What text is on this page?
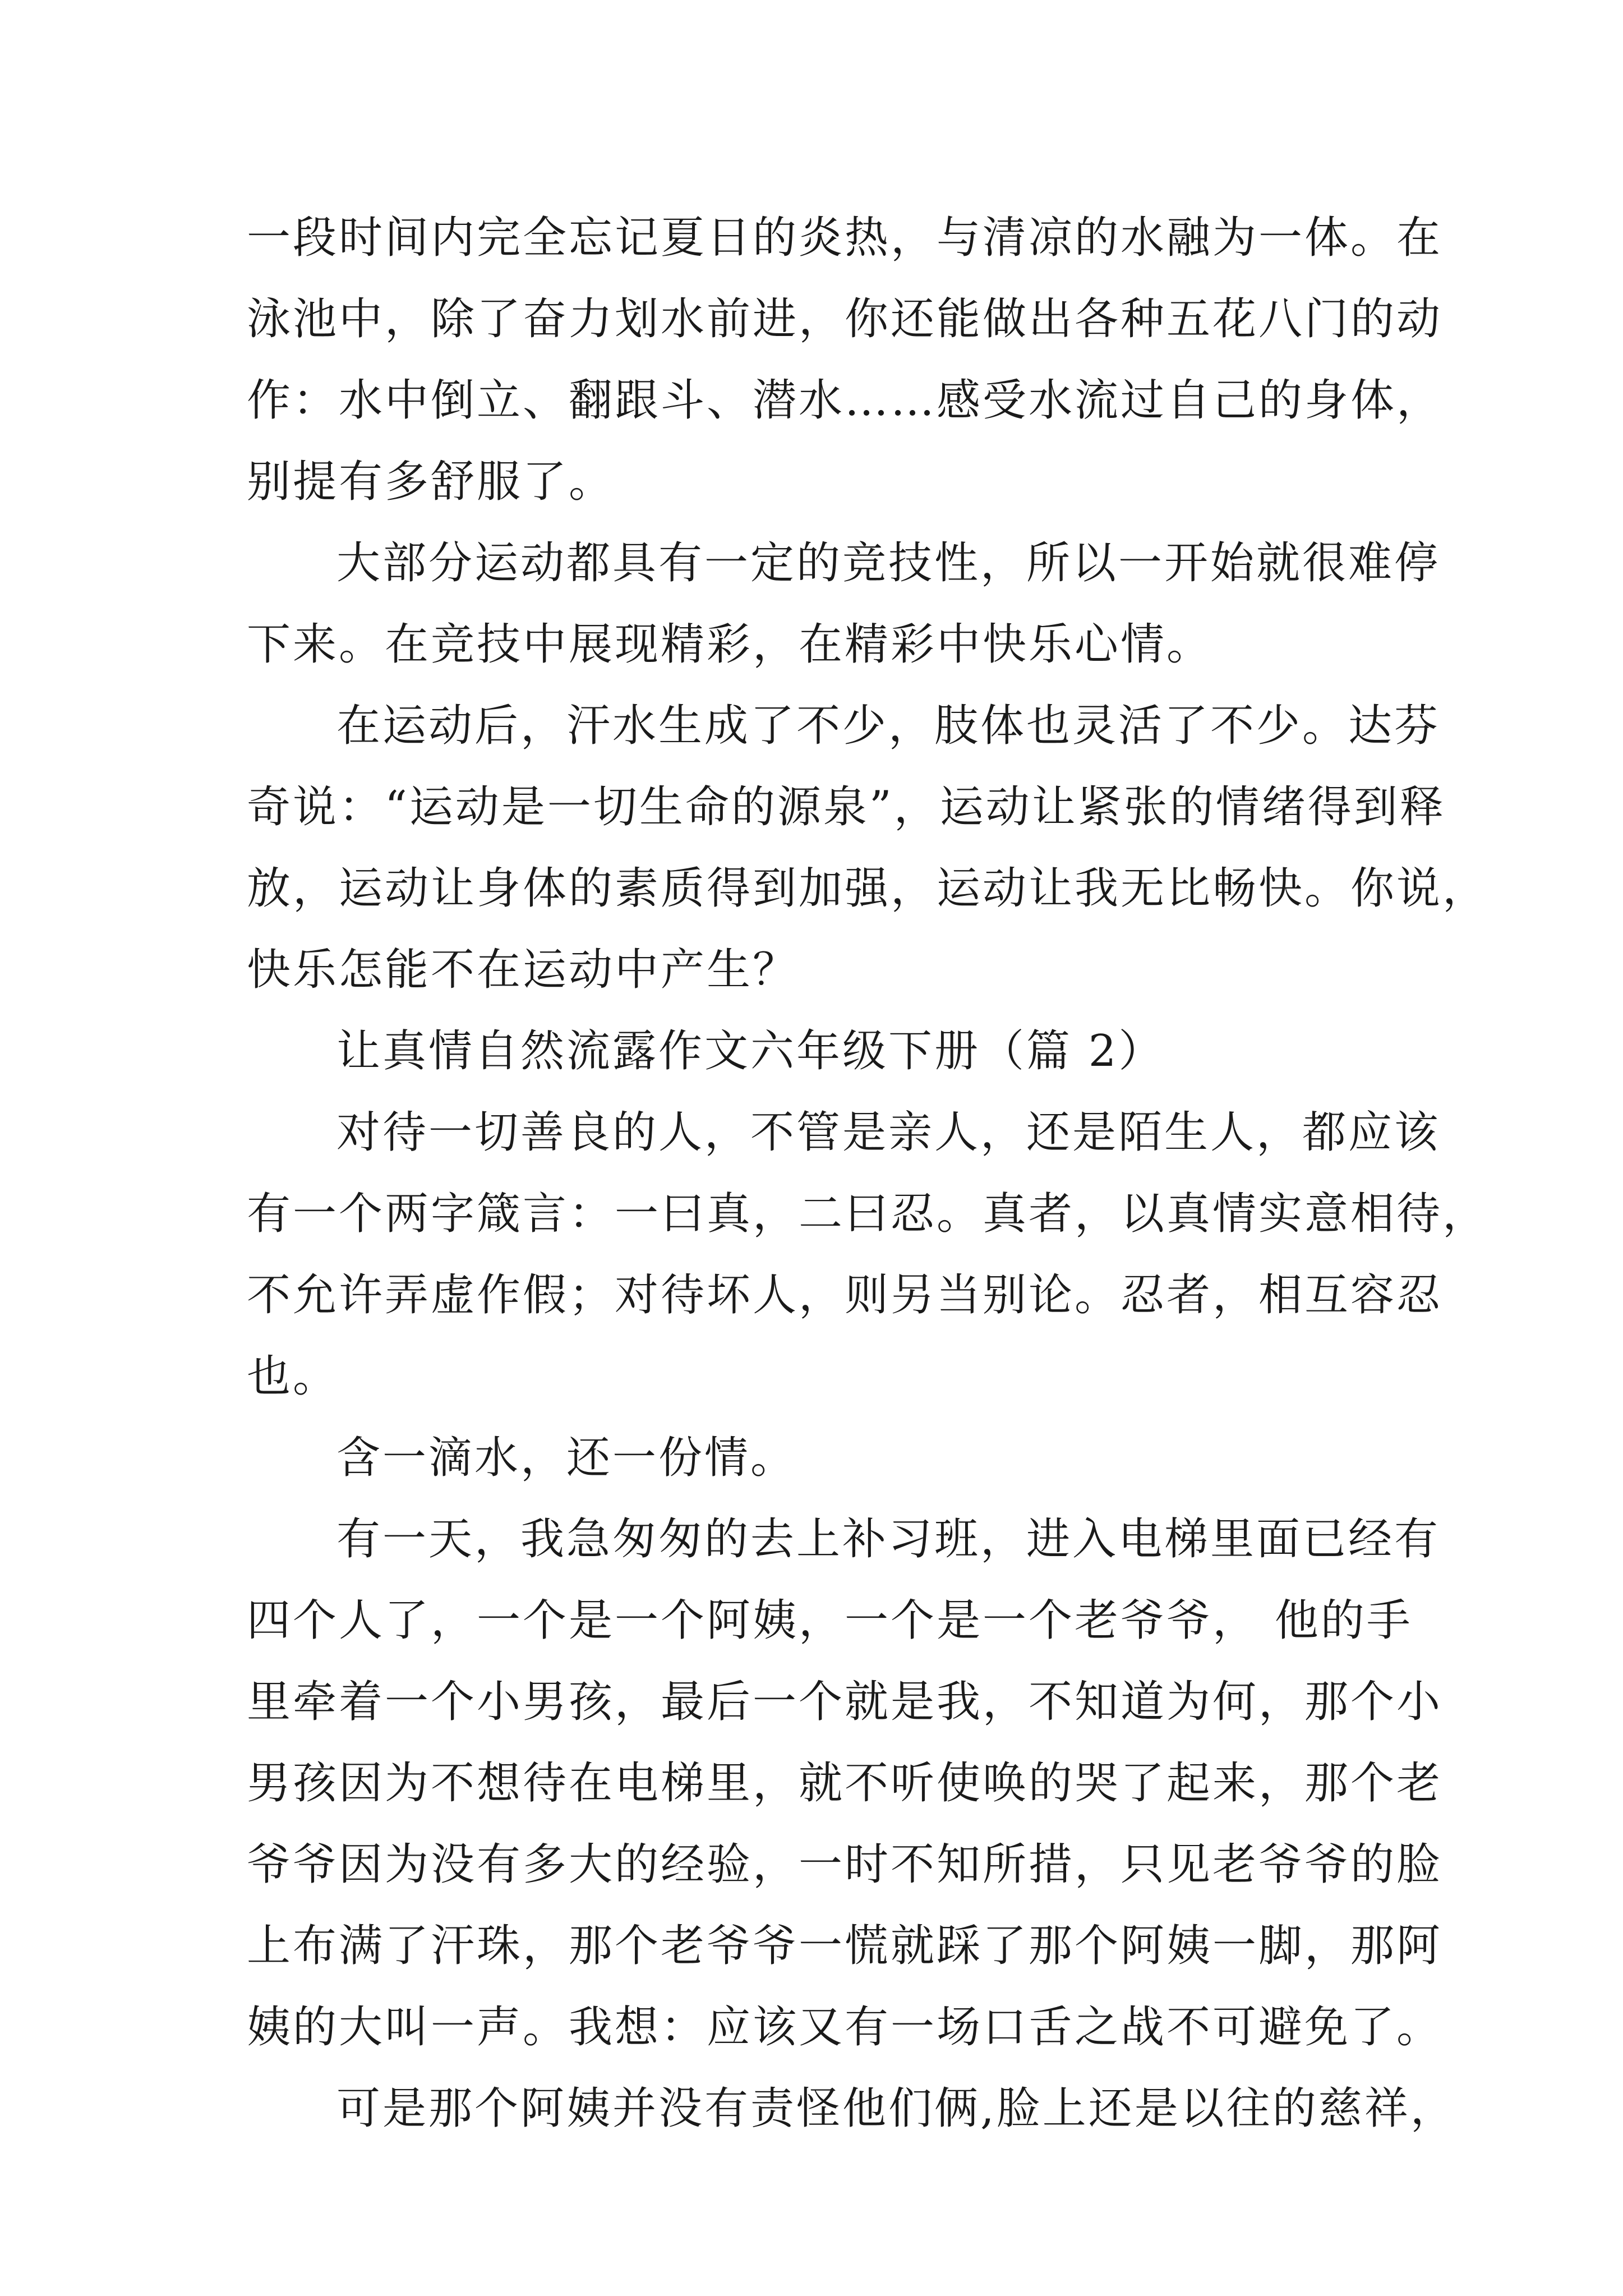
一段时间内完全忘记夏日的炎热，与清凉的水融为一体。在
泳池中，除了奋力划水前进，你还能做出各种五花八门的动
作：水中倒立、翻跟斗、潜水……感受水流过自己的身体，
别提有多舒服了。
大部分运动都具有一定的竞技性，所以一开始就很难停
下来。在竞技中展现精彩，在精彩中快乐心情。
在运动后，汗水生成了不少，肢体也灵活了不少。达芬
奇说：“运动是一切生命的源泉”，运动让紧张的情绪得到释
放，运动让身体的素质得到加强，运动让我无比畅快。你说，
快乐怎能不在运动中产生？
让真情自然流露作文六年级下册（篇 2）
对待一切善良的人，不管是亲人，还是陌生人，都应该
有一个两字箴言：一曰真，二曰忍。真者，以真情实意相待，
不允许弄虚作假；对待坏人，则另当别论。忍者，相互容忍
也。
含一滴水，还一份情。
有一天，我急匆匆的去上补习班，进入电梯里面已经有
四个人了，一个是一个阿姨，一个是一个老爷爷， 他的手
里牵着一个小男孩，最后一个就是我，不知道为何，那个小
男孩因为不想待在电梯里，就不听使唤的哭了起来，那个老
爷爷因为没有多大的经验，一时不知所措，只见老爷爷的脸
上布满了汗珠，那个老爷爷一慌就踩了那个阿姨一脚，那阿
姨的大叫一声。我想：应该又有一场口舌之战不可避免了。
可是那个阿姨并没有责怪他们俩,脸上还是以往的慈祥，
